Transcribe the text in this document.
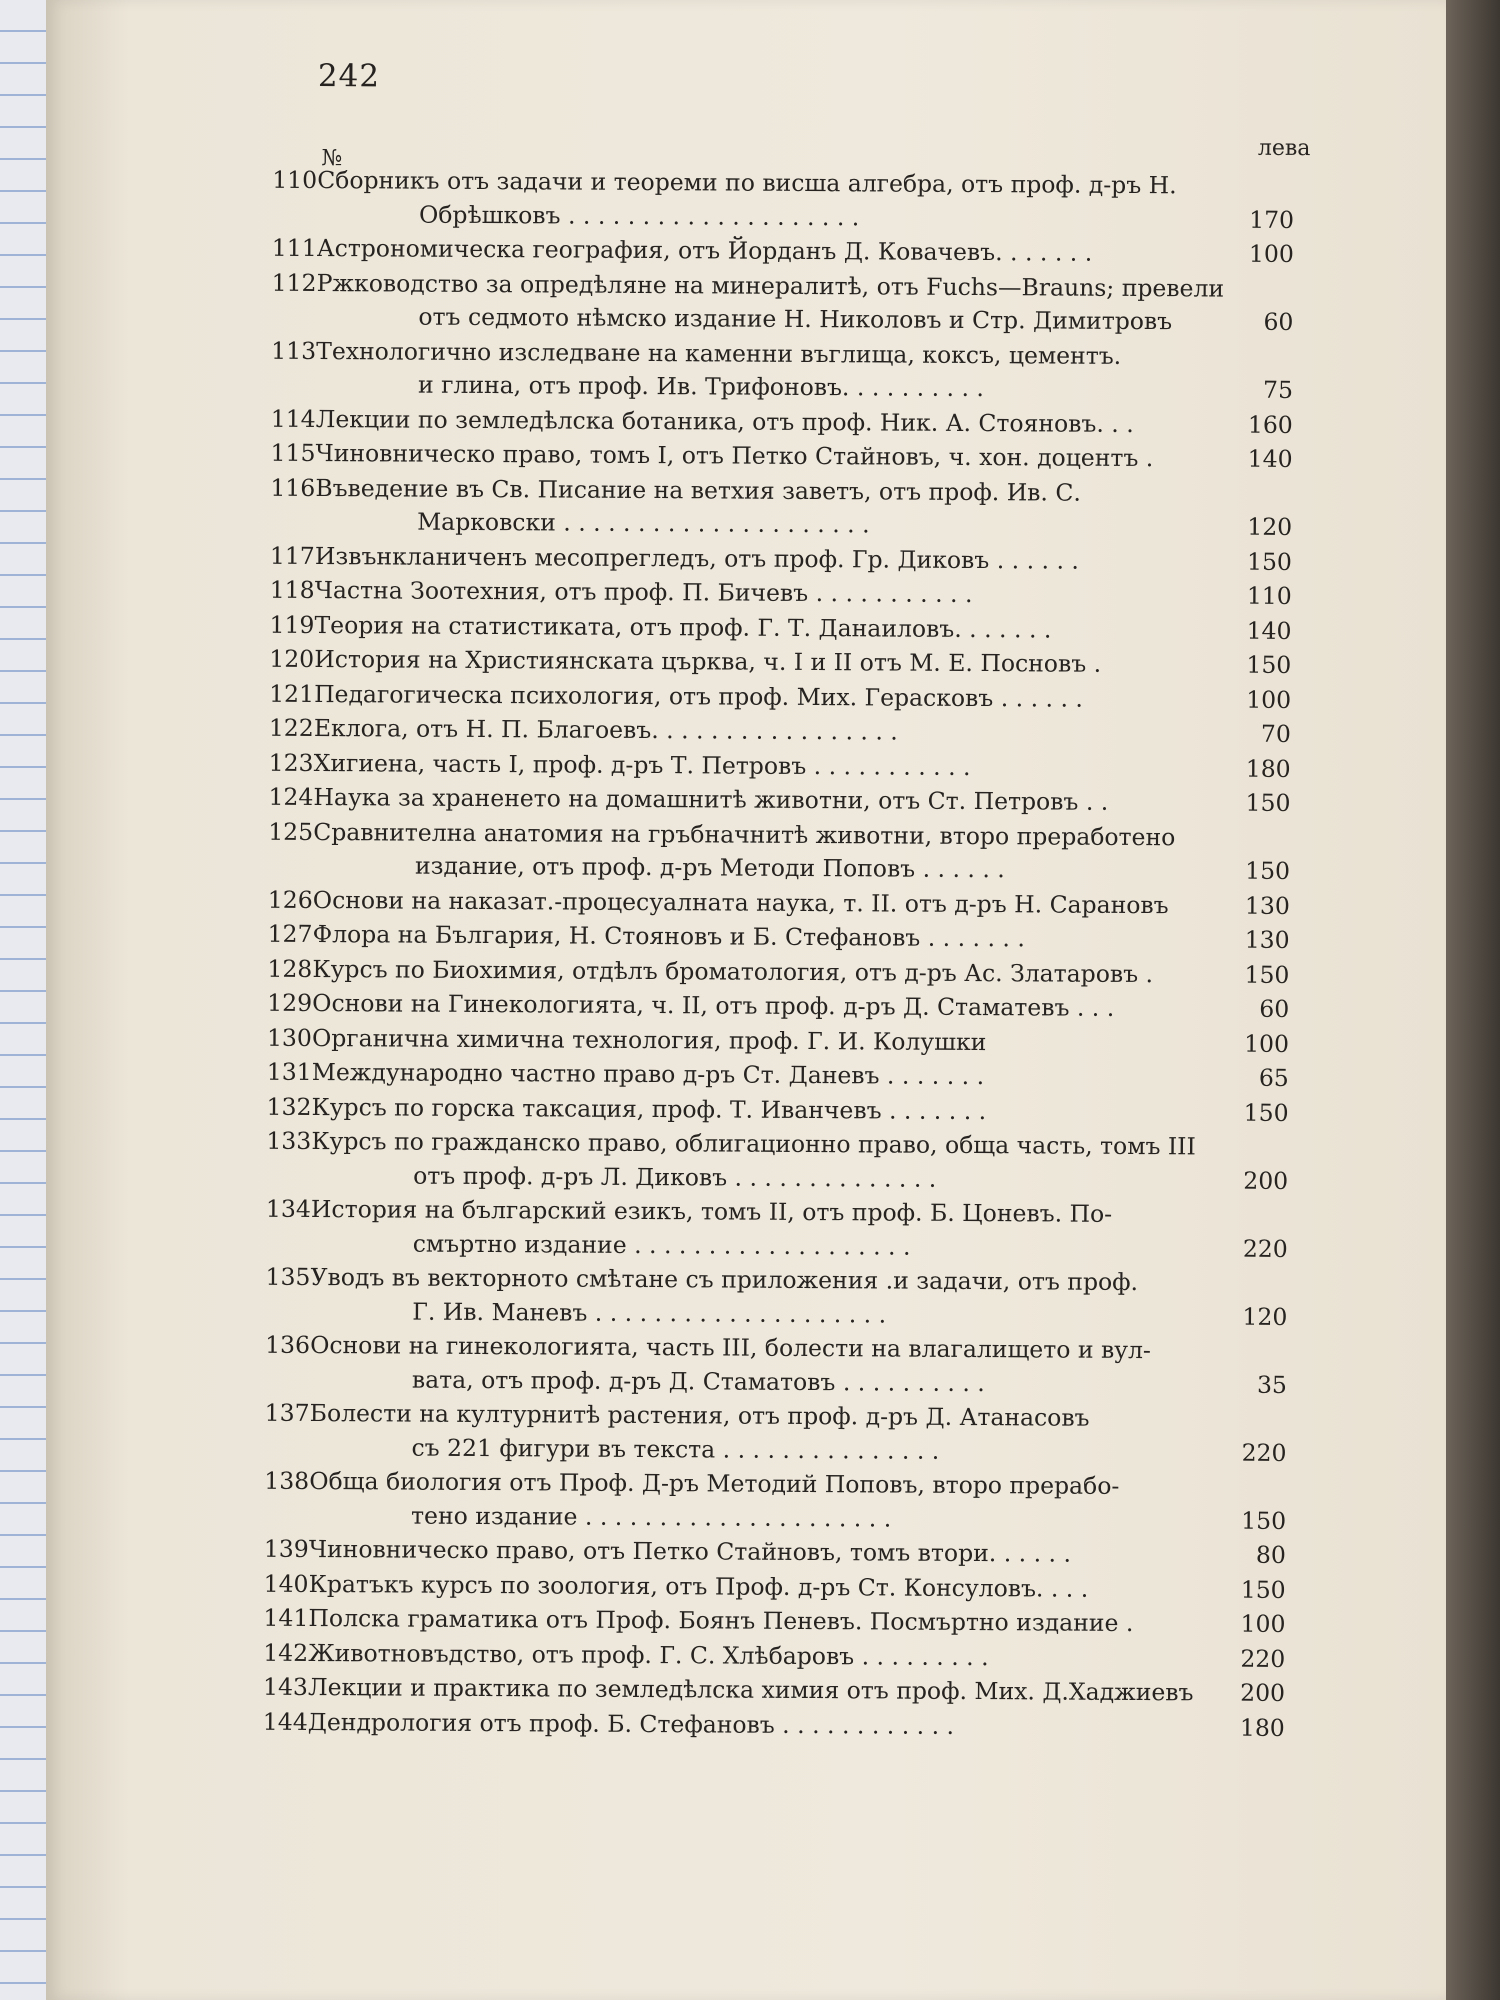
242
№	лева
110 Сборникъ отъ задачи и теореми по висша алгебра, отъ проф. д-ръ Н.
Обрѣшковъ . . . . . . . . . . . . . . . . . . . .	170
111 Астрономическа география, отъ Йорданъ Д. Ковачевъ. . . . . . .	100
112 Ржководство за опредѣляне на минералитѣ, отъ Fuchs—Brauns; превели
отъ седмото нѣмско издание Н. Николовъ и Стр. Димитровъ	60
113 Технологично изследване на каменни въглища, коксъ, цементъ.
и глина, отъ проф. Ив. Трифоновъ. . . . . . . . . .	75
114 Лекции по земледѣлска ботаника, отъ проф. Ник. А. Стояновъ. . .	160
115 Чиновническо право, томъ I, отъ Петко Стайновъ, ч. хон. доцентъ .	140
116 Въведение въ Св. Писание на ветхия заветъ, отъ проф. Ив. С.
Марковски . . . . . . . . . . . . . . . . . . . . .	120
117 Извънкланиченъ месопрегледъ, отъ проф. Гр. Диковъ . . . . . .	150
118 Частна Зоотехния, отъ проф. П. Бичевъ . . . . . . . . . . .	110
119 Теория на статистиката, отъ проф. Г. Т. Данаиловъ. . . . . . .	140
120 История на Християнската църква, ч. I и II отъ М. Е. Посновъ .	150
121 Педагогическа психология, отъ проф. Мих. Герасковъ . . . . . .	100
122 Еклога, отъ Н. П. Благоевъ. . . . . . . . . . . . . . . . .	70
123 Хигиена, часть I, проф. д-ръ Т. Петровъ . . . . . . . . . . .	180
124 Наука за храненето на домашнитѣ животни, отъ Ст. Петровъ . .	150
125 Сравнителна анатомия на гръбначнитѣ животни, второ преработено
издание, отъ проф. д-ръ Методи Поповъ . . . . . .	150
126 Основи на наказат.-процесуалната наука, т. II. отъ д-ръ Н. Сарановъ	130
127 Флора на България, Н. Стояновъ и Б. Стефановъ . . . . . . .	130
128 Курсъ по Биохимия, отдѣлъ броматология, отъ д-ръ Ас. Златаровъ .	150
129 Основи на Гинекологията, ч. II, отъ проф. д-ръ Д. Стаматевъ . . .	60
130 Органична химична технология, проф. Г. И. Колушки	100
131 Международно частно право д-ръ Ст. Даневъ . . . . . . .	65
132 Курсъ по горска таксация, проф. Т. Иванчевъ . . . . . . .	150
133 Курсъ по гражданско право, облигационно право, обща часть, томъ III
отъ проф. д-ръ Л. Диковъ . . . . . . . . . . . . . .	200
134 История на българский езикъ, томъ II, отъ проф. Б. Цоневъ. По-
смъртно издание . . . . . . . . . . . . . . . . . . .	220
135 Уводъ въ векторното смѣтане съ приложения .и задачи, отъ проф.
Г. Ив. Маневъ . . . . . . . . . . . . . . . . . . . .	120
136 Основи на гинекологията, часть III, болести на влагалището и вул-
вата, отъ проф. д-ръ Д. Стаматовъ . . . . . . . . . .	35
137 Болести на културнитѣ растения, отъ проф. д-ръ Д. Атанасовъ
съ 221 фигури въ текста . . . . . . . . . . . . . . .	220
138 Обща биология отъ Проф. Д-ръ Методий Поповъ, второ прерабо-
тено издание . . . . . . . . . . . . . . . . . . . . .	150
139 Чиновническо право, отъ Петко Стайновъ, томъ втори. . . . . .	80
140 Кратъкъ курсъ по зоология, отъ Проф. д-ръ Ст. Консуловъ. . . .	150
141 Полска граматика отъ Проф. Боянъ Пеневъ. Посмъртно издание .	100
142 Животновъдство, отъ проф. Г. С. Хлѣбаровъ . . . . . . . . .	220
143 Лекции и практика по земледѣлска химия отъ проф. Мих. Д.Хаджиевъ	200
144 Дендрология отъ проф. Б. Стефановъ . . . . . . . . . . . .	180
